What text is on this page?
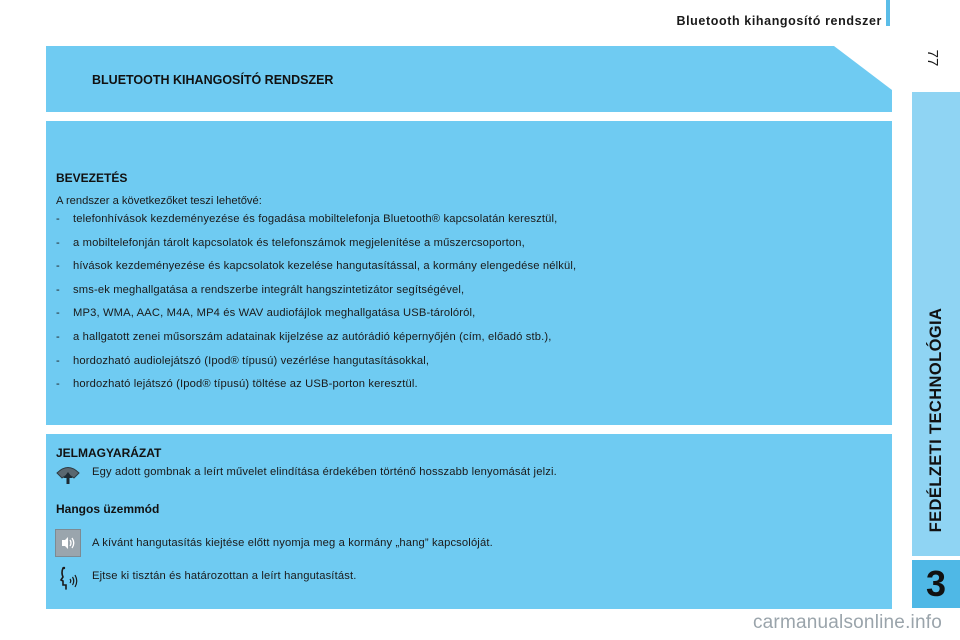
Bluetooth kihangosító rendszer
77
FEDÉLZETI TECHNOLÓGIA
3
BLUETOOTH KIHANGOSÍTÓ RENDSZER
BEVEZETÉS
A rendszer a következőket teszi lehetővé:
- telefonhívások kezdeményezése és fogadása mobiltelefonja Bluetooth® kapcsolatán keresztül,
- a mobiltelefonján tárolt kapcsolatok és telefonszámok megjelenítése a műszercsoporton,
- hívások kezdeményezése és kapcsolatok kezelése hangutasítással, a kormány elengedése nélkül,
- sms-ek meghallgatása a rendszerbe integrált hangszintetizátor segítségével,
- MP3, WMA, AAC, M4A, MP4 és WAV audiofájlok meghallgatása USB-tárolóról,
- a hallgatott zenei műsorszám adatainak kijelzése az autórádió képernyőjén (cím, előadó stb.),
- hordozható audiolejátszó (Ipod® típusú) vezérlése hangutasításokkal,
- hordozható lejátszó (Ipod® típusú) töltése az USB-porton keresztül.
JELMAGYARÁZAT
Egy adott gombnak a leírt művelet elindítása érdekében történő hosszabb lenyomását jelzi.
Hangos üzemmód
A kívánt hangutasítás kiejtése előtt nyomja meg a kormány „hang” kapcsolóját.
Ejtse ki tisztán és határozottan a leírt hangutasítást.
carmanualsonline.info
